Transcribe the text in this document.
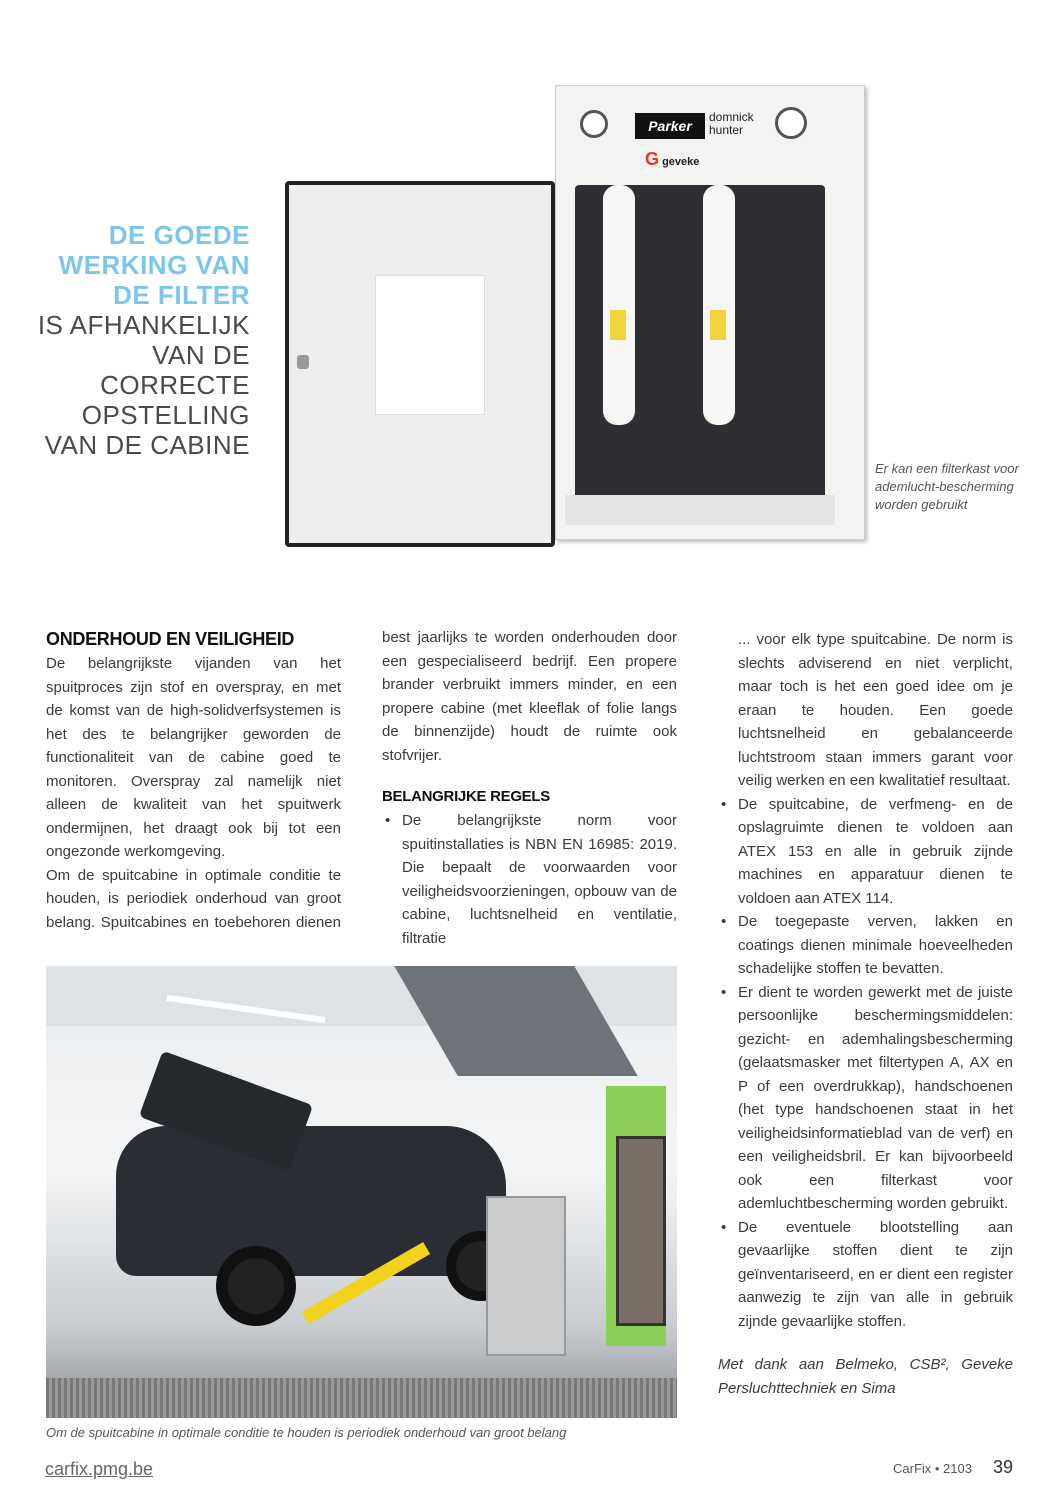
DE GOEDE
WERKING VAN
DE FILTER
IS AFHANKELIJK
VAN DE
CORRECTE
OPSTELLING
VAN DE CABINE
Parker
domnick
hunter
G geveke
Er kan een filterkast voor ademlucht-bescherming worden gebruikt
ONDERHOUD EN VEILIGHEID

De belangrijkste vijanden van het spuitproces zijn stof en overspray, en met de komst van de high-solidverfsystemen is het des te belangrijker geworden de functionaliteit van de cabine goed te monitoren. Overspray zal namelijk niet alleen de kwaliteit van het spuitwerk ondermijnen, het draagt ook bij tot een ongezonde werkomgeving.

Om de spuitcabine in optimale conditie te houden, is periodiek onderhoud van groot belang. Spuitcabines en toebehoren dienen best jaarlijks te worden onderhouden door een gespecialiseerd bedrijf. Een propere brander verbruikt immers minder, en een propere cabine (met kleeflak of folie langs de binnenzijde) houdt de ruimte ook stofvrijer.

BELANGRIJKE REGELS
• De belangrijkste norm voor spuitinstallaties is NBN EN 16985: 2019. Die bepaalt de voorwaarden voor veiligheidsvoorzieningen, opbouw van de cabine, luchtsnelheid en ventilatie, filtratie
Om de spuitcabine in optimale conditie te houden is periodiek onderhoud van groot belang
... voor elk type spuitcabine. De norm is slechts adviserend en niet verplicht, maar toch is het een goed idee om je eraan te houden. Een goede luchtsnelheid en gebalanceerde luchtstroom staan immers garant voor veilig werken en een kwalitatief resultaat.
• De spuitcabine, de verfmeng- en de opslagruimte dienen te voldoen aan ATEX 153 en alle in gebruik zijnde machines en apparatuur dienen te voldoen aan ATEX 114.
• De toegepaste verven, lakken en coatings dienen minimale hoeveelheden schadelijke stoffen te bevatten.
• Er dient te worden gewerkt met de juiste persoonlijke beschermingsmiddelen: gezicht- en ademhalingsbescherming (gelaatsmasker met filtertypen A, AX en P of een overdrukkap), handschoenen (het type handschoenen staat in het veiligheidsinformatieblad van de verf) en een veiligheidsbril. Er kan bijvoorbeeld ook een filterkast voor ademluchtbescherming worden gebruikt.
• De eventuele blootstelling aan gevaarlijke stoffen dient te zijn geïnventariseerd, en er dient een register aanwezig te zijn van alle in gebruik zijnde gevaarlijke stoffen.

Met dank aan Belmeko, CSB², Geveke Persluchttechniek en Sima

carfix.pmg.be	CarFix • 2103 39
